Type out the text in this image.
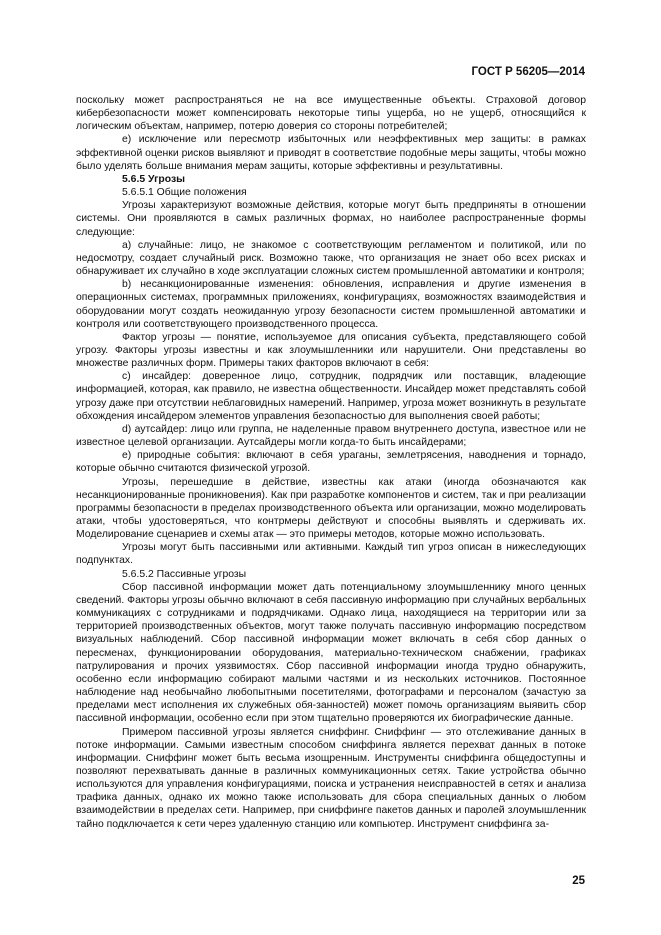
ГОСТ Р 56205—2014

поскольку может распространяться не на все имущественные объекты. Страховой договор кибербезопасности может компенсировать некоторые типы ущерба, но не ущерб, относящийся к логическим объектам, например, потерю доверия со стороны потребителей;

е) исключение или пересмотр избыточных или неэффективных мер защиты: в рамках эффективной оценки рисков выявляют и приводят в соответствие подобные меры защиты, чтобы можно было уделять больше внимания мерам защиты, которые эффективны и результативны.

5.6.5 Угрозы

5.6.5.1 Общие положения

Угрозы характеризуют возможные действия, которые могут быть предприняты в отношении системы. Они проявляются в самых различных формах, но наиболее распространенные формы следующие:

а) случайные: лицо, не знакомое с соответствующим регламентом и политикой, или по недосмотру, создает случайный риск. Возможно также, что организация не знает обо всех рисках и обнаруживает их случайно в ходе эксплуатации сложных систем промышленной автоматики и контроля;

b) несанкционированные изменения: обновления, исправления и другие изменения в операционных системах, программных приложениях, конфигурациях, возможностях взаимодействия и оборудовании могут создать неожиданную угрозу безопасности систем промышленной автоматики и контроля или соответствующего производственного процесса.

Фактор угрозы — понятие, используемое для описания субъекта, представляющего собой угрозу. Факторы угрозы известны и как злоумышленники или нарушители. Они представлены во множестве различных форм. Примеры таких факторов включают в себя:

с) инсайдер: доверенное лицо, сотрудник, подрядчик или поставщик, владеющие информацией, которая, как правило, не известна общественности. Инсайдер может представлять собой угрозу даже при отсутствии неблаговидных намерений. Например, угроза может возникнуть в результате обхождения инсайдером элементов управления безопасностью для выполнения своей работы;

d) аутсайдер: лицо или группа, не наделенные правом внутреннего доступа, известное или не известное целевой организации. Аутсайдеры могли когда-то быть инсайдерами;

е) природные события: включают в себя ураганы, землетрясения, наводнения и торнадо, которые обычно считаются физической угрозой.

Угрозы, перешедшие в действие, известны как атаки (иногда обозначаются как несанкционированные проникновения). Как при разработке компонентов и систем, так и при реализации программы безопасности в пределах производственного объекта или организации, можно моделировать атаки, чтобы удостоверяться, что контрмеры действуют и способны выявлять и сдерживать их. Моделирование сценариев и схемы атак — это примеры методов, которые можно использовать.

Угрозы могут быть пассивными или активными. Каждый тип угроз описан в нижеследующих подпунктах.

5.6.5.2 Пассивные угрозы

Сбор пассивной информации может дать потенциальному злоумышленнику много ценных сведений. Факторы угрозы обычно включают в себя пассивную информацию при случайных вербальных коммуникациях с сотрудниками и подрядчиками. Однако лица, находящиеся на территории или за территорией производственных объектов, могут также получать пассивную информацию посредством визуальных наблюдений. Сбор пассивной информации может включать в себя сбор данных о пересменах, функционировании оборудования, материально-техническом снабжении, графиках патрулирования и прочих уязвимостях. Сбор пассивной информации иногда трудно обнаружить, особенно если информацию собирают малыми частями и из нескольких источников. Постоянное наблюдение над необычайно любопытными посетителями, фотографами и персоналом (зачастую за пределами мест исполнения их служебных обя-занностей) может помочь организациям выявить сбор пассивной информации, особенно если при этом тщательно проверяются их биографические данные.

Примером пассивной угрозы является сниффинг. Сниффинг — это отслеживание данных в потоке информации. Самыми известным способом сниффинга является перехват данных в потоке информации. Сниффинг может быть весьма изощренным. Инструменты сниффинга общедоступны и позволяют перехватывать данные в различных коммуникационных сетях. Такие устройства обычно используются для управления конфигурациями, поиска и устранения неисправностей в сетях и анализа трафика данных, однако их можно также использовать для сбора специальных данных о любом взаимодействии в пределах сети. Например, при сниффинге пакетов данных и паролей злоумышленник тайно подключается к сети через удаленную станцию или компьютер. Инструмент сниффинга за-

25
